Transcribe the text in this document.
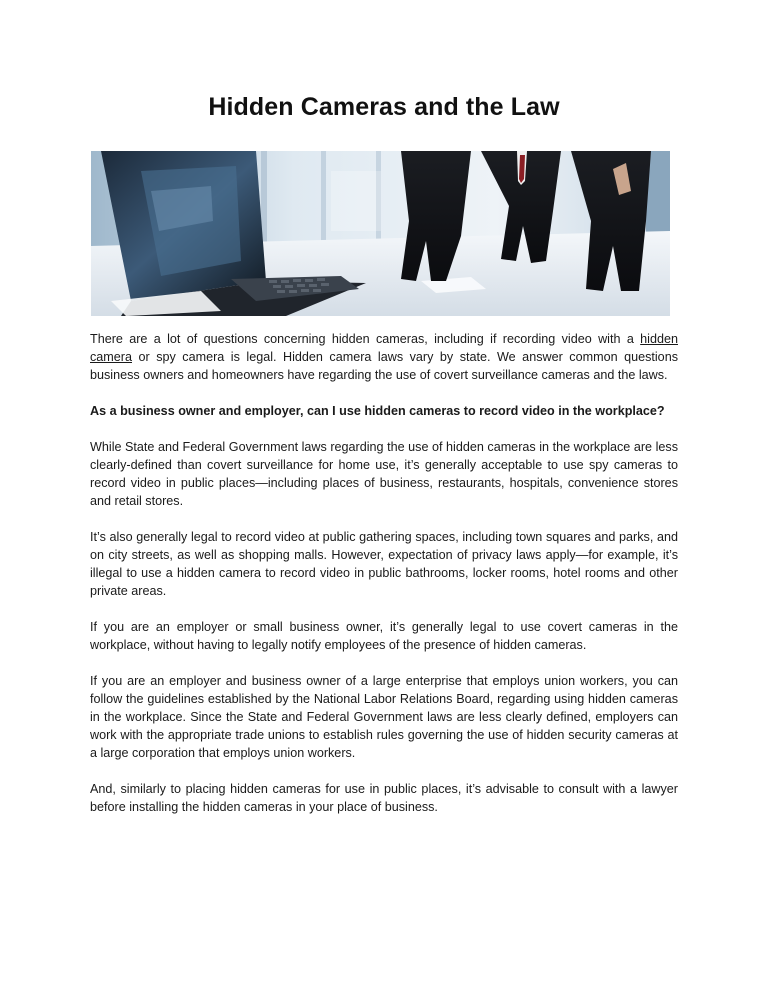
Hidden Cameras and the Law

There are a lot of questions concerning hidden cameras, including if recording video with a hidden camera or spy camera is legal. Hidden camera laws vary by state. We answer common questions business owners and homeowners have regarding the use of covert surveillance cameras and the laws.

As a business owner and employer, can I use hidden cameras to record video in the workplace?

While State and Federal Government laws regarding the use of hidden cameras in the workplace are less clearly-defined than covert surveillance for home use, it’s generally acceptable to use spy cameras to record video in public places—including places of business, restaurants, hospitals, convenience stores and retail stores.

It’s also generally legal to record video at public gathering spaces, including town squares and parks, and on city streets, as well as shopping malls. However, expectation of privacy laws apply—for example, it’s illegal to use a hidden camera to record video in public bathrooms, locker rooms, hotel rooms and other private areas.

If you are an employer or small business owner, it’s generally legal to use covert cameras in the workplace, without having to legally notify employees of the presence of hidden cameras.

If you are an employer and business owner of a large enterprise that employs union workers, you can follow the guidelines established by the National Labor Relations Board, regarding using hidden cameras in the workplace. Since the State and Federal Government laws are less clearly defined, employers can work with the appropriate trade unions to establish rules governing the use of hidden security cameras at a large corporation that employs union workers.

And, similarly to placing hidden cameras for use in public places, it’s advisable to consult with a lawyer before installing the hidden cameras in your place of business.
